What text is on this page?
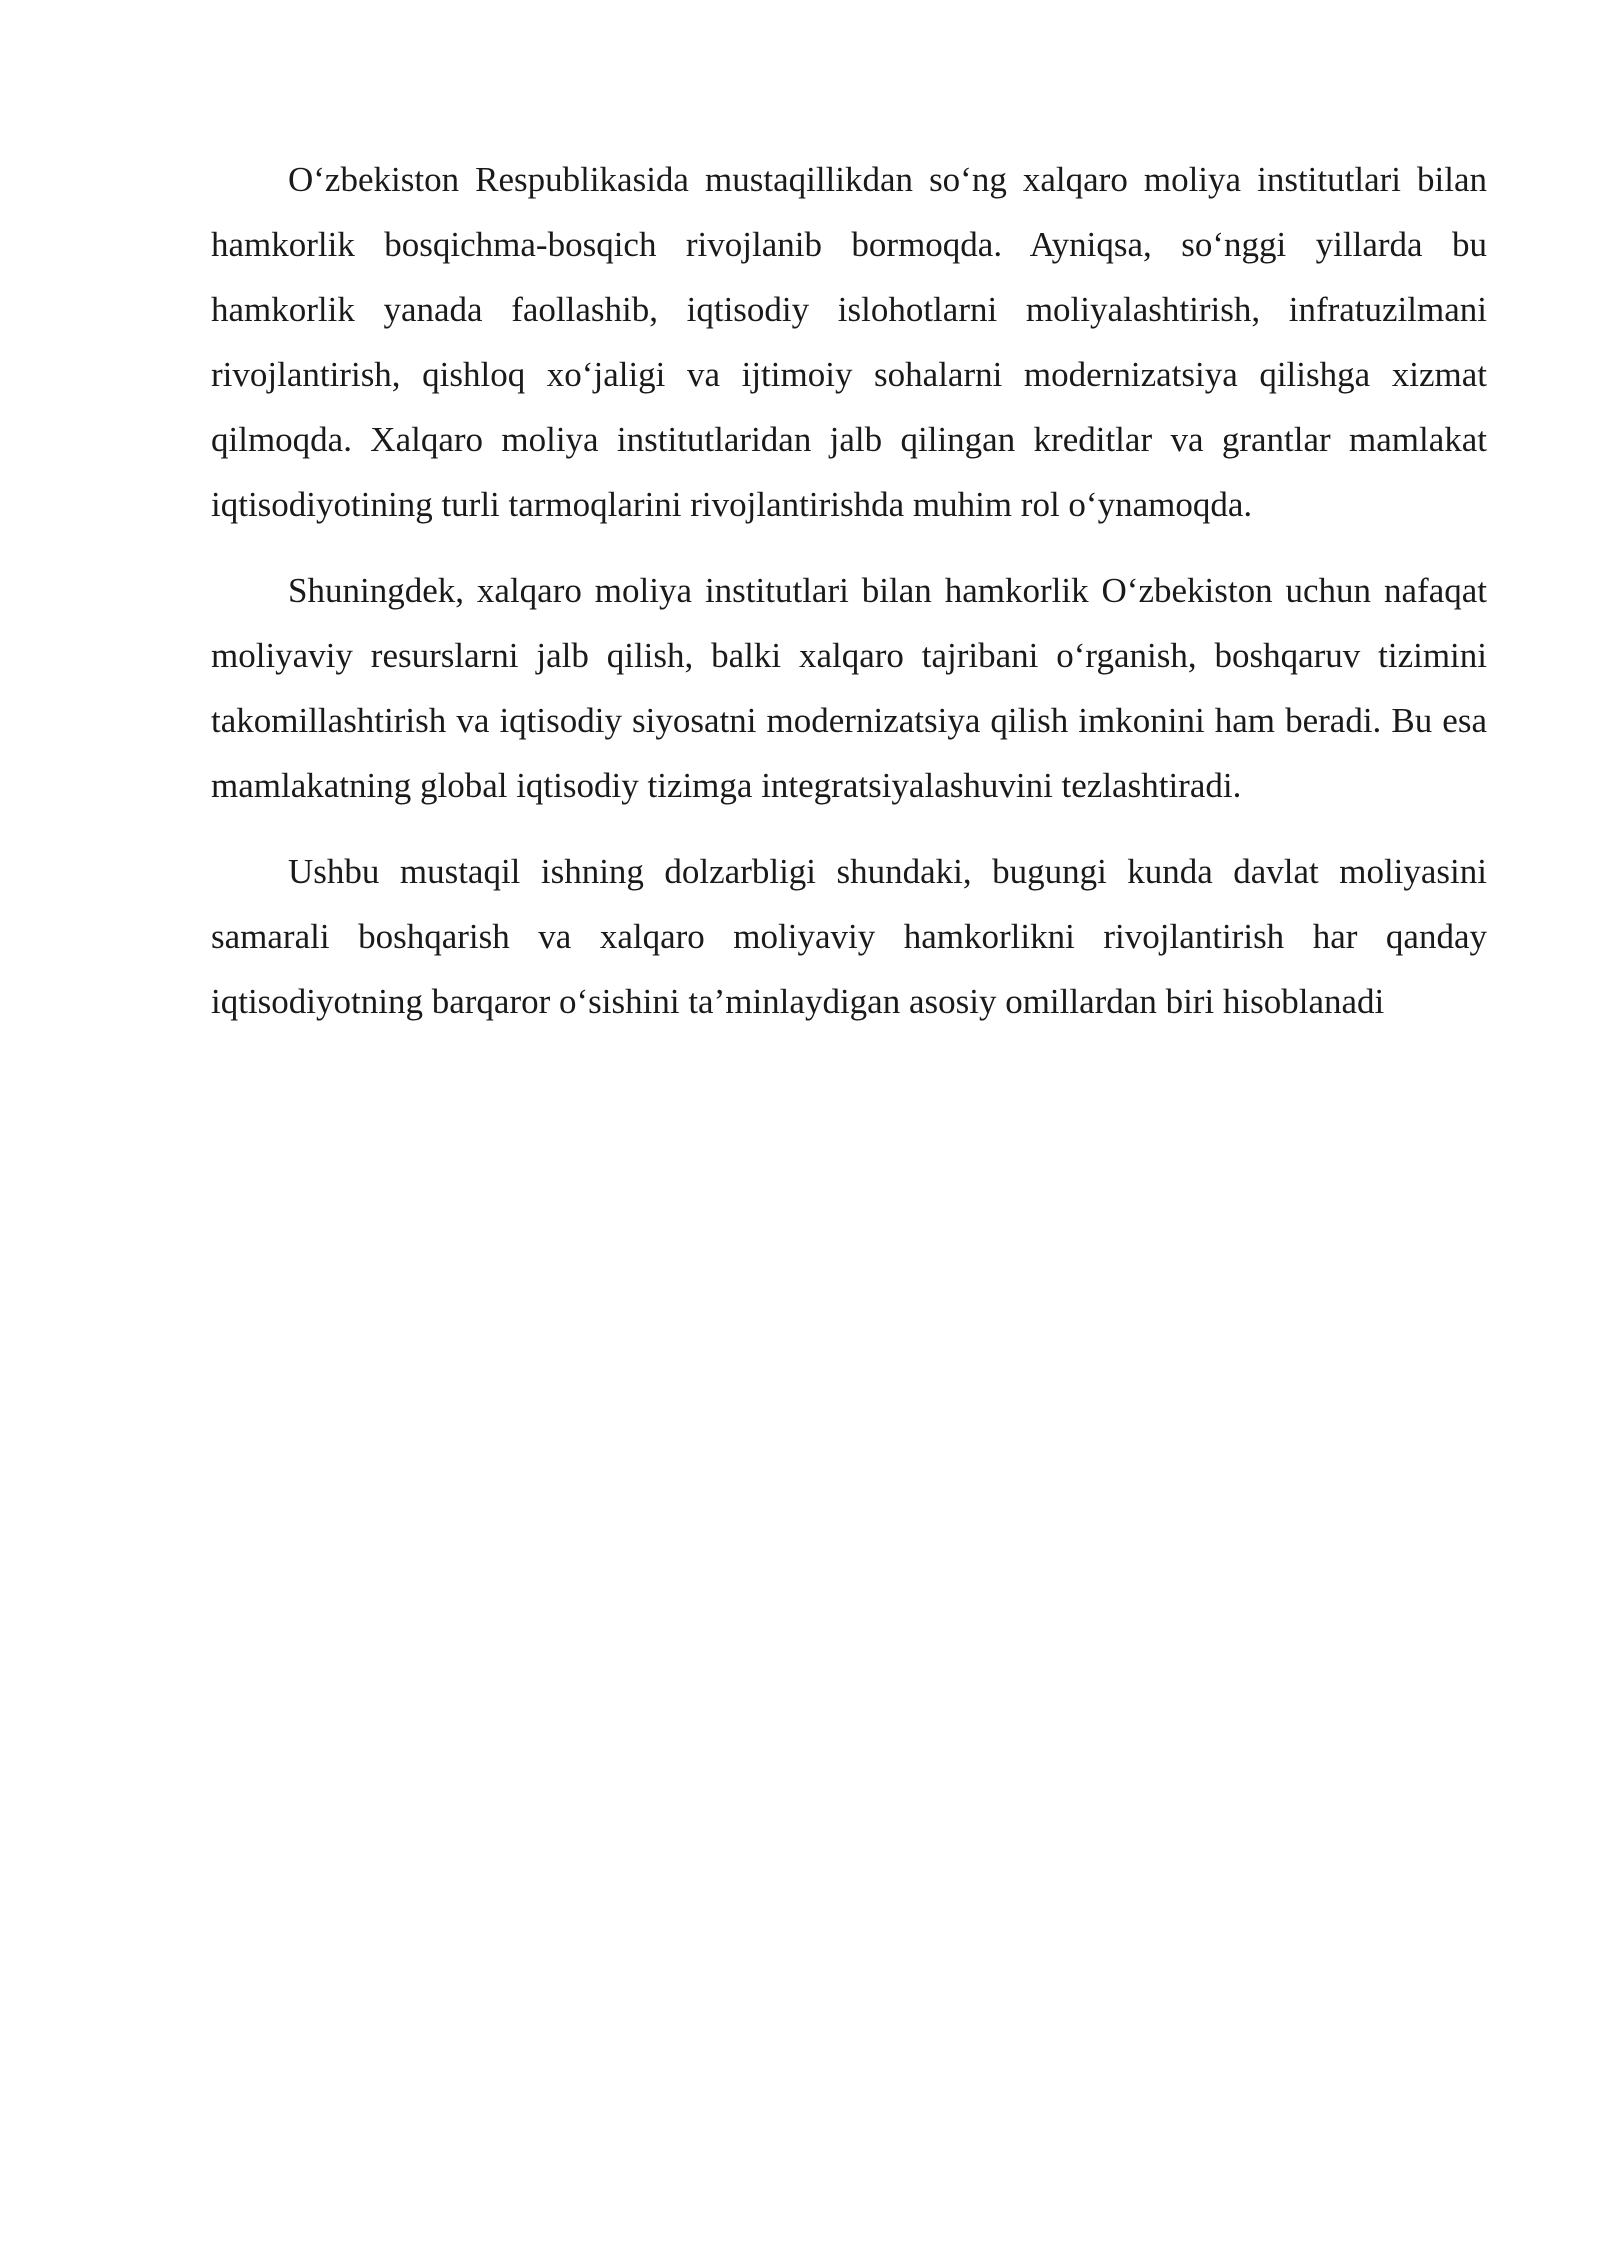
O‘zbekiston Respublikasida mustaqillikdan so‘ng xalqaro moliya institutlari bilan hamkorlik bosqichma-bosqich rivojlanib bormoqda. Ayniqsa, so‘nggi yillarda bu hamkorlik yanada faollashib, iqtisodiy islohotlarni moliyalashtirish, infratuzilmani rivojlantirish, qishloq xo‘jaligi va ijtimoiy sohalarni modernizatsiya qilishga xizmat qilmoqda. Xalqaro moliya institutlaridan jalb qilingan kreditlar va grantlar mamlakat iqtisodiyotining turli tarmoqlarini rivojlantirishda muhim rol o‘ynamoqda.

Shuningdek, xalqaro moliya institutlari bilan hamkorlik O‘zbekiston uchun nafaqat moliyaviy resurslarni jalb qilish, balki xalqaro tajribani o‘rganish, boshqaruv tizimini takomillashtirish va iqtisodiy siyosatni modernizatsiya qilish imkonini ham beradi. Bu esa mamlakatning global iqtisodiy tizimga integratsiyalashuvini tezlashtiradi.

Ushbu mustaqil ishning dolzarbligi shundaki, bugungi kunda davlat moliyasini samarali boshqarish va xalqaro moliyaviy hamkorlikni rivojlantirish har qanday iqtisodiyotning barqaror o‘sishini ta’minlaydigan asosiy omillardan biri hisoblanadi
